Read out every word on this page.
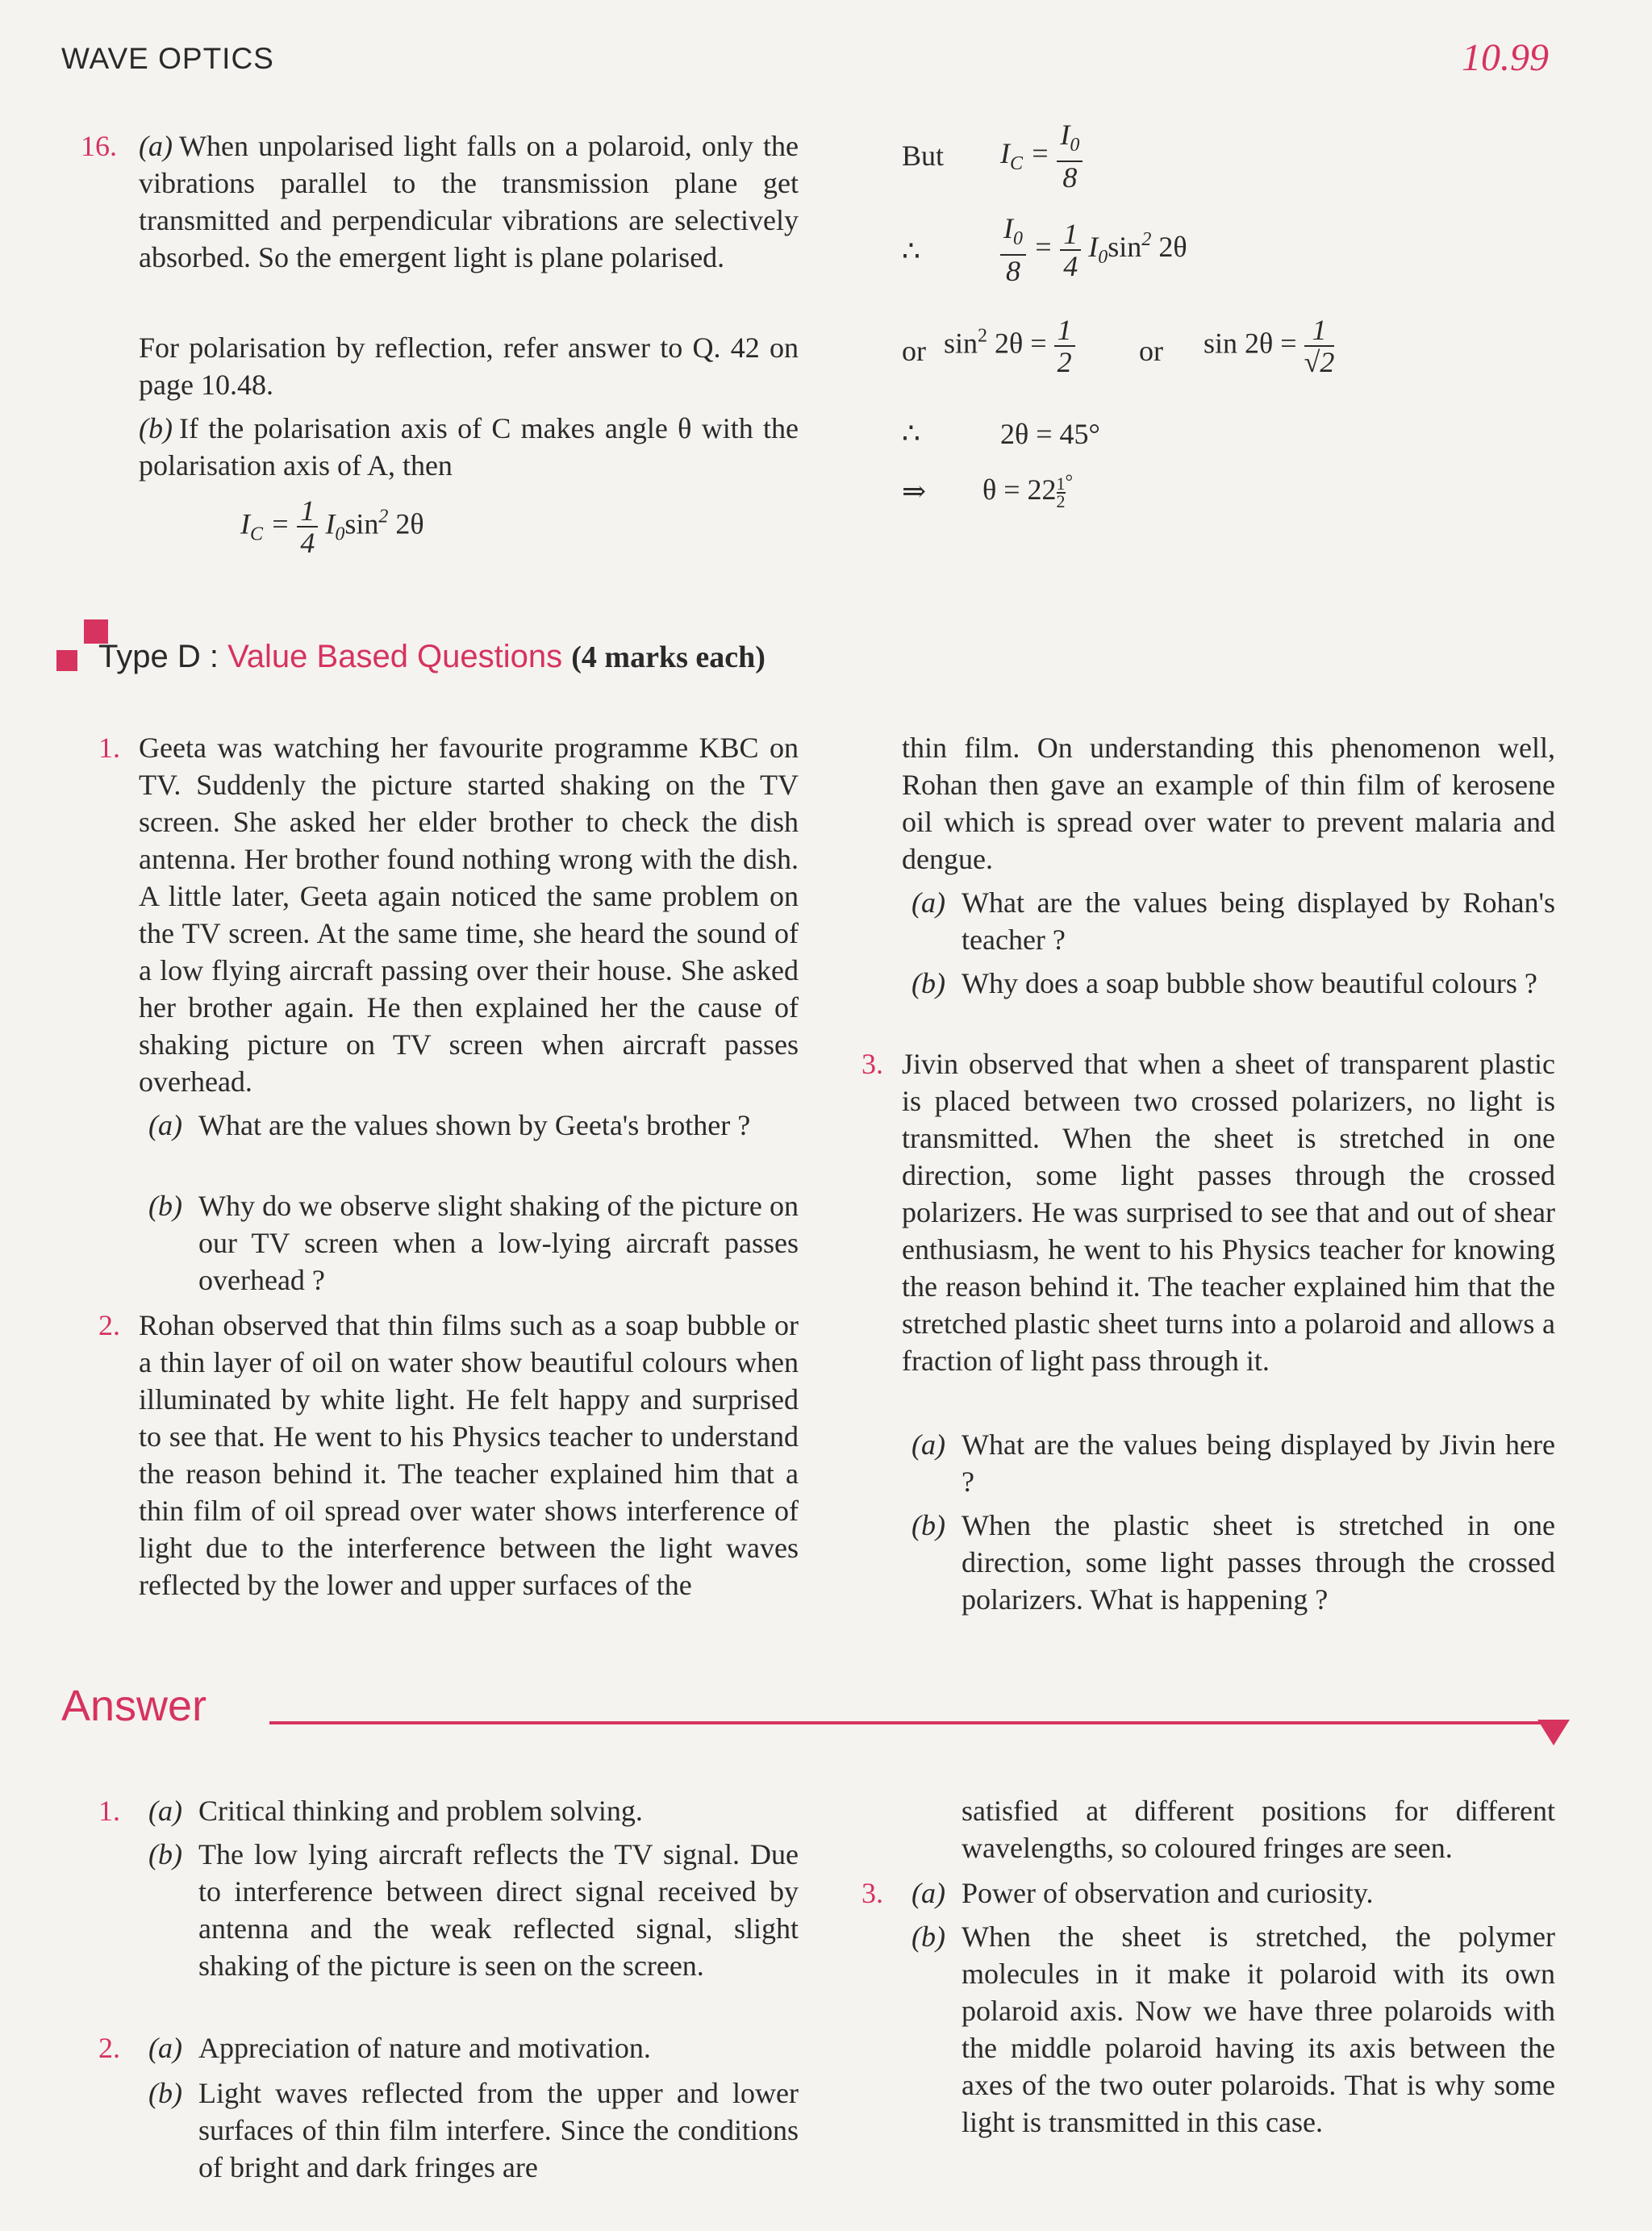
WAVE OPTICS	10.99
16. (a) When unpolarised light falls on a polaroid, only the vibrations parallel to the transmission plane get transmitted and perpendicular vibrations are selectively absorbed. So the emergent light is plane polarised.
For polarisation by reflection, refer answer to Q. 42 on page 10.48.
(b) If the polarisation axis of C makes angle θ with the polarisation axis of A, then
$I_C = \frac{1}{4} I_0\sin^2$ 2θ
But $I_C = \frac{I_0}{8}$
∴	$\frac{I_0}{8} = \frac{1}{4} I_0\sin^2$ 2θ
or $\sin^2 2\theta = \frac{1}{2}$ or $\sin 2\theta = \frac{1}{√2}$
∴	2θ = 45°
⇒ $\theta = 22 \frac{1}{2} ^\circ$
Type D : Value Based Questions (4 marks each)
1. Geeta was watching her favourite programme KBC on TV. Suddenly the picture started shaking on the TV screen. She asked her elder brother to check the dish antenna. Her brother found nothing wrong with the dish. A little later, Geeta again noticed the same problem on the TV screen. At the same time, she heard the sound of a low flying aircraft passing over their house. She asked her brother again. He then explained her the cause of shaking picture on TV screen when aircraft passes overhead.
(a) What are the values shown by Geeta's brother ?
(b) Why do we observe slight shaking of the picture on our TV screen when a low-lying aircraft passes overhead ?
2. Rohan observed that thin films such as a soap bubble or a thin layer of oil on water show beautiful colours when illuminated by white light. He felt happy and surprised to see that. He went to his Physics teacher to understand the reason behind it. The teacher explained him that a thin film of oil spread over water shows interference of light due to the interference between the light waves reflected by the lower and upper surfaces of the
thin film. On understanding this phenomenon well, Rohan then gave an example of thin film of kerosene oil which is spread over water to prevent malaria and dengue.
(a) What are the values being displayed by Rohan's teacher ?
(b) Why does a soap bubble show beautiful colours ?
3. Jivin observed that when a sheet of transparent plastic is placed between two crossed polarizers, no light is transmitted. When the sheet is stretched in one direction, some light passes through the crossed polarizers. He was surprised to see that and out of shear enthusiasm, he went to his Physics teacher for knowing the reason behind it. The teacher explained him that the stretched plastic sheet turns into a polaroid and allows a fraction of light pass through it.
(a) What are the values being displayed by Jivin here ?
(b) When the plastic sheet is stretched in one direction, some light passes through the crossed polarizers. What is happening ?
Answer
1. (a) Critical thinking and problem solving.
(b) The low lying aircraft reflects the TV signal. Due to interference between direct signal received by antenna and the weak reflected signal, slight shaking of the picture is seen on the screen.
2. (a) Appreciation of nature and motivation.
(b) Light waves reflected from the upper and lower surfaces of thin film interfere. Since the conditions of bright and dark fringes are
satisfied at different positions for different wavelengths, so coloured fringes are seen.
3. (a) Power of observation and curiosity.
(b) When the sheet is stretched, the polymer molecules in it make it polaroid with its own polaroid axis. Now we have three polaroids with the middle polaroid having its axis between the axes of the two outer polaroids. That is why some light is transmitted in this case.
